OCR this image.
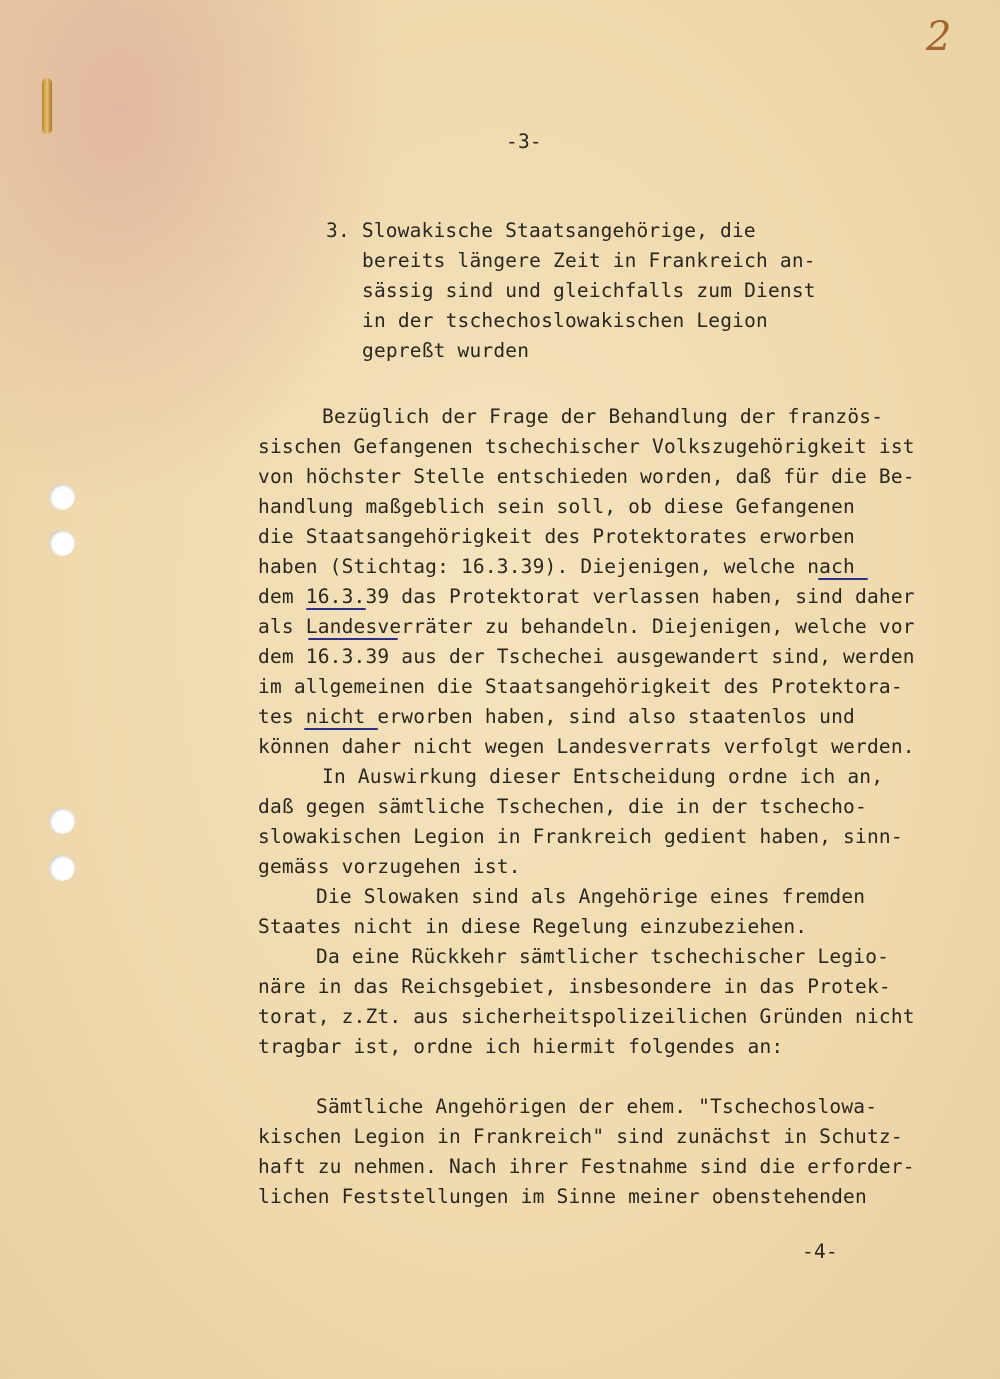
2
-3-
3. Slowakische Staatsangehörige, die
bereits längere Zeit in Frankreich an-
sässig sind und gleichfalls zum Dienst
in der tschechoslowakischen Legion
gepreßt wurden
Bezüglich der Frage der Behandlung der französ-
sischen Gefangenen tschechischer Volkszugehörigkeit ist
von höchster Stelle entschieden worden, daß für die Be-
handlung maßgeblich sein soll, ob diese Gefangenen
die Staatsangehörigkeit des Protektorates erworben
haben (Stichtag: 16.3.39). Diejenigen, welche nach
dem 16.3.39 das Protektorat verlassen haben, sind daher
als Landesverräter zu behandeln. Diejenigen, welche vor
dem 16.3.39 aus der Tschechei ausgewandert sind, werden
im allgemeinen die Staatsangehörigkeit des Protektora-
tes nicht erworben haben, sind also staatenlos und
können daher nicht wegen Landesverrats verfolgt werden.
In Auswirkung dieser Entscheidung ordne ich an,
daß gegen sämtliche Tschechen, die in der tschecho-
slowakischen Legion in Frankreich gedient haben, sinn-
gemäss vorzugehen ist.
Die Slowaken sind als Angehörige eines fremden
Staates nicht in diese Regelung einzubeziehen.
Da eine Rückkehr sämtlicher tschechischer Legio-
näre in das Reichsgebiet, insbesondere in das Protek-
torat, z.Zt. aus sicherheitspolizeilichen Gründen nicht
tragbar ist, ordne ich hiermit folgendes an:
Sämtliche Angehörigen der ehem. "Tschechoslowa-
kischen Legion in Frankreich" sind zunächst in Schutz-
haft zu nehmen. Nach ihrer Festnahme sind die erforder-
lichen Feststellungen im Sinne meiner obenstehenden
-4-
